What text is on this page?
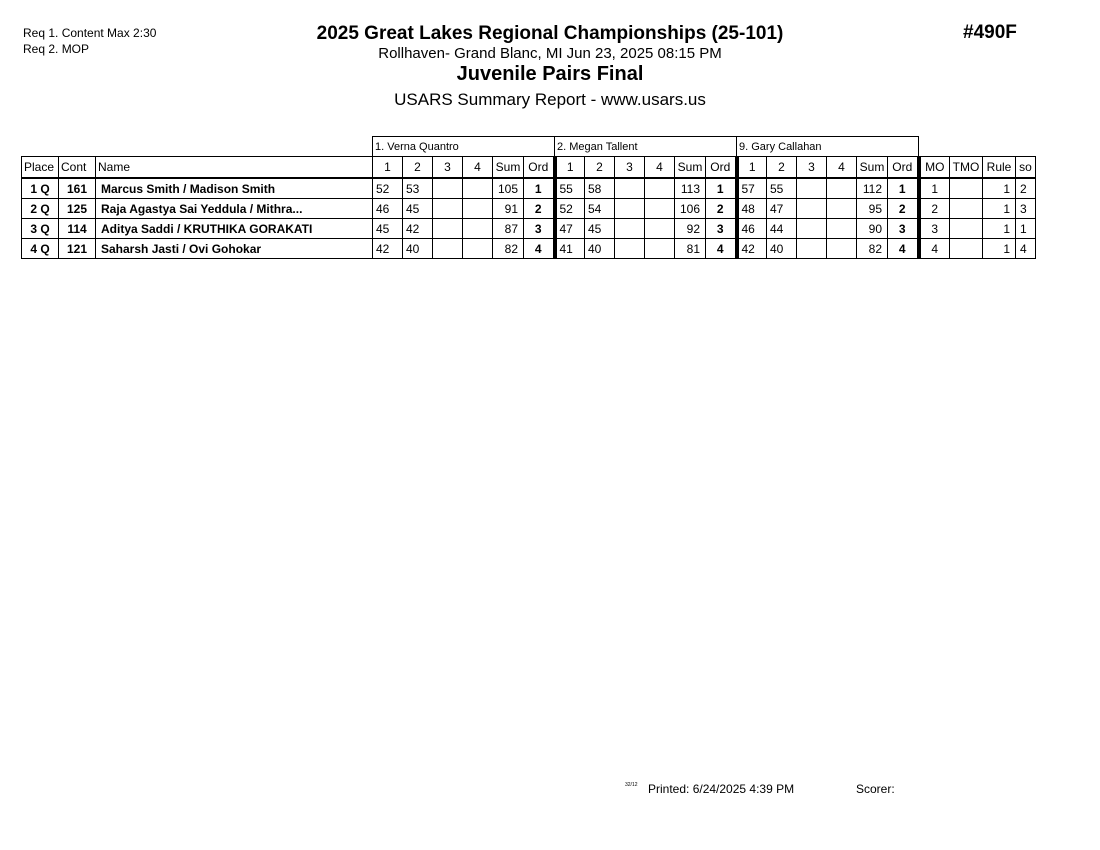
Req 1. Content Max 2:30
Req 2. MOP
2025 Great Lakes Regional Championships (25-101)
Rollhaven- Grand Blanc, MI Jun 23, 2025 08:15 PM
Juvenile Pairs Final
USARS Summary Report - www.usars.us
#490F
			1. Verna Quantro						2. Megan Tallent						9. Gary Callahan									
Place	Cont	Name	1	2	3	4	Sum	Ord	1	2	3	4	Sum	Ord	1	2	3	4	Sum	Ord	MO	TMO	Rule	so
1 Q	161	Marcus Smith / Madison Smith	52	53			105	1	55	58			113	1	57	55			112	1	1		1	2
2 Q	125	Raja Agastya Sai Yeddula / Mithra...	46	45			91	2	52	54			106	2	48	47			95	2	2		1	3
3 Q	114	Aditya Saddi / KRUTHIKA GORAKATI	45	42			87	3	47	45			92	3	46	44			90	3	3		1	1
4 Q	121	Saharsh Jasti / Ovi Gohokar	42	40			82	4	41	40			81	4	42	40			82	4	4		1	4
32/12 Printed: 6/24/2025 4:39 PM	Scorer:
